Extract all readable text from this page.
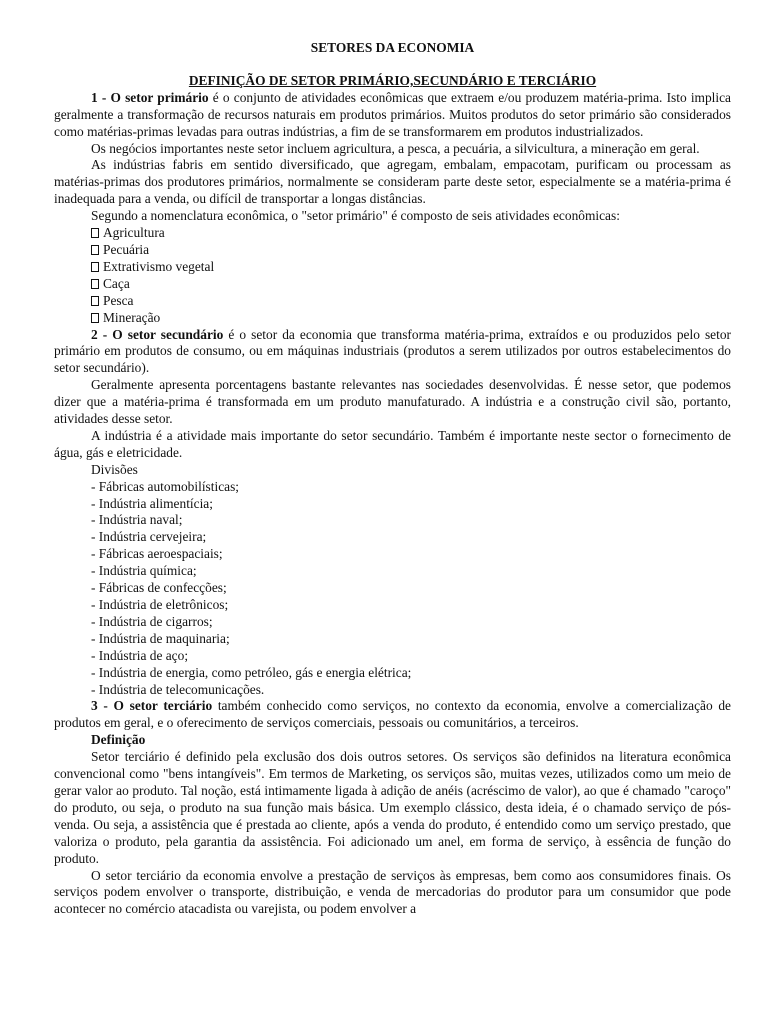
SETORES DA ECONOMIA
DEFINIÇÃO DE SETOR PRIMÁRIO,SECUNDÁRIO E TERCIÁRIO

1 - O setor primário é o conjunto de atividades econômicas que extraem e/ou produzem matéria-prima. Isto implica geralmente a transformação de recursos naturais em produtos primários. Muitos produtos do setor primário são considerados como matérias-primas levadas para outras indústrias, a fim de se transformarem em produtos industrializados.

Os negócios importantes neste setor incluem agricultura, a pesca, a pecuária, a silvicultura, a mineração em geral.

As indústrias fabris em sentido diversificado, que agregam, embalam, empacotam, purificam ou processam as matérias-primas dos produtores primários, normalmente se consideram parte deste setor, especialmente se a matéria-prima é inadequada para a venda, ou difícil de transportar a longas distâncias.

Segundo a nomenclatura econômica, o "setor primário" é composto de seis atividades econômicas:

Agricultura
Pecuária
Extrativismo vegetal
Caça
Pesca
Mineração

2 - O setor secundário é o setor da economia que transforma matéria-prima, extraídos e ou produzidos pelo setor primário em produtos de consumo, ou em máquinas industriais (produtos a serem utilizados por outros estabelecimentos do setor secundário).

Geralmente apresenta porcentagens bastante relevantes nas sociedades desenvolvidas. É nesse setor, que podemos dizer que a matéria-prima é transformada em um produto manufaturado. A indústria e a construção civil são, portanto, atividades desse setor.

A indústria é a atividade mais importante do setor secundário. Também é importante neste sector o fornecimento de água, gás e eletricidade.

Divisões
- Fábricas automobilísticas;
- Indústria alimentícia;
- Indústria naval;
- Indústria cervejeira;
- Fábricas aeroespaciais;
- Indústria química;
- Fábricas de confecções;
- Indústria de eletrônicos;
- Indústria de cigarros;
- Indústria de maquinaria;
- Indústria de aço;
- Indústria de energia, como petróleo, gás e energia elétrica;
- Indústria de telecomunicações.

3 - O setor terciário também conhecido como serviços, no contexto da economia, envolve a comercialização de produtos em geral, e o oferecimento de serviços comerciais, pessoais ou comunitários, a terceiros.

Definição

Setor terciário é definido pela exclusão dos dois outros setores. Os serviços são definidos na literatura econômica convencional como "bens intangíveis". Em termos de Marketing, os serviços são, muitas vezes, utilizados como um meio de gerar valor ao produto. Tal noção, está intimamente ligada à adição de anéis (acréscimo de valor), ao que é chamado "caroço" do produto, ou seja, o produto na sua função mais básica. Um exemplo clássico, desta ideia, é o chamado serviço de pós-venda. Ou seja, a assistência que é prestada ao cliente, após a venda do produto, é entendido como um serviço prestado, que valoriza o produto, pela garantia da assistência. Foi adicionado um anel, em forma de serviço, à essência de função do produto.

O setor terciário da economia envolve a prestação de serviços às empresas, bem como aos consumidores finais. Os serviços podem envolver o transporte, distribuição, e venda de mercadorias do produtor para um consumidor que pode acontecer no comércio atacadista ou varejista, ou podem envolver a
